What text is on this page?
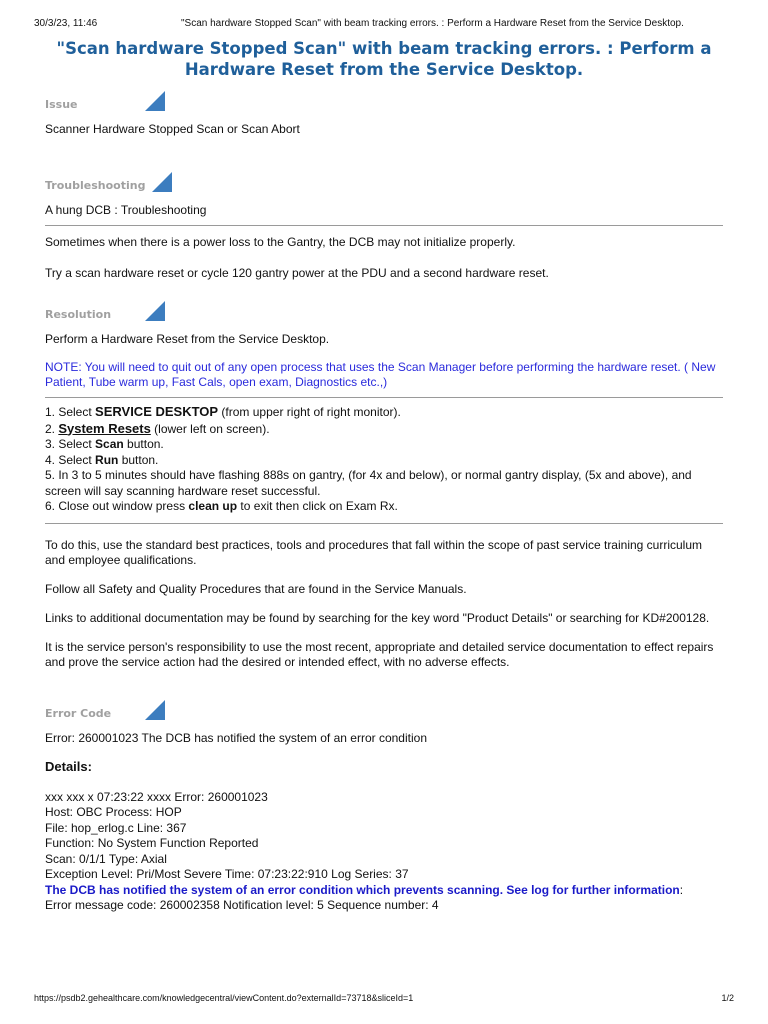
30/3/23, 11:46	"Scan hardware Stopped Scan" with beam tracking errors. : Perform a Hardware Reset from the Service Desktop.
"Scan hardware Stopped Scan" with beam tracking errors. : Perform a
Hardware Reset from the Service Desktop.
Issue

Scanner Hardware Stopped Scan or Scan Abort

Troubleshooting

A hung DCB : Troubleshooting

Sometimes when there is a power loss to the Gantry, the DCB may not initialize properly.

Try a scan hardware reset or cycle 120 gantry power at the PDU and a second hardware reset.

Resolution

Perform a Hardware Reset from the Service Desktop.

NOTE: You will need to quit out of any open process that uses the Scan Manager before performing the hardware reset. ( New Patient, Tube warm up, Fast Cals, open exam, Diagnostics etc.,)

1. Select SERVICE DESKTOP (from upper right of right monitor).
2. System Resets (lower left on screen).
3. Select Scan button.
4. Select Run button.
5. In 3 to 5 minutes should have flashing 888s on gantry, (for 4x and below), or normal gantry display, (5x and above), and screen will say scanning hardware reset successful.
6. Close out window press clean up to exit then click on Exam Rx.

To do this, use the standard best practices, tools and procedures that fall within the scope of past service training curriculum and employee qualifications.

Follow all Safety and Quality Procedures that are found in the Service Manuals.

Links to additional documentation may be found by searching for the key word "Product Details" or searching for KD#200128.

It is the service person's responsibility to use the most recent, appropriate and detailed service documentation to effect repairs and prove the service action had the desired or intended effect, with no adverse effects.

Error Code

Error: 260001023 The DCB has notified the system of an error condition

Details:

xxx xxx x 07:23:22 xxxx Error: 260001023
Host: OBC Process: HOP
File: hop_erlog.c Line: 367
Function: No System Function Reported
Scan: 0/1/1 Type: Axial
Exception Level: Pri/Most Severe Time: 07:23:22:910 Log Series: 37
The DCB has notified the system of an error condition which prevents scanning. See log for further information:
Error message code: 260002358 Notification level: 5 Sequence number: 4
https://psdb2.gehealthcare.com/knowledgecentral/viewContent.do?externalId=73718&sliceId=1	1/2
